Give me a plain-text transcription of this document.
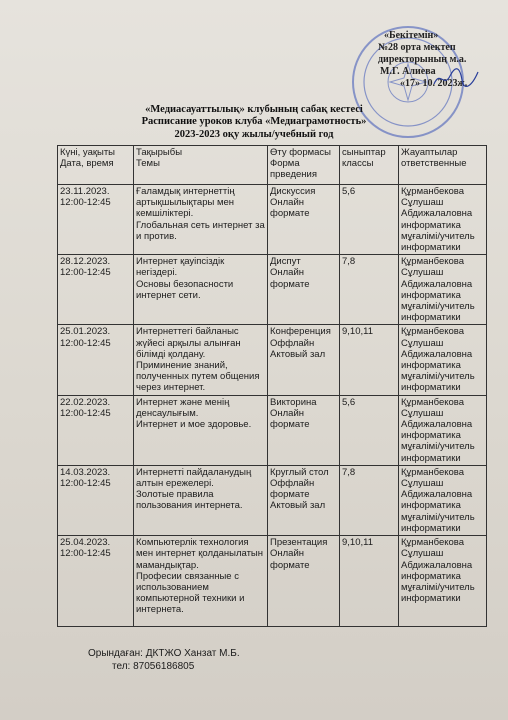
«Бекітемін»
№28 орта мектеп
директорының м.а.
М.Г. Алиева
«17» 10. 2023ж.
«Медиасауаттылық» клубының сабақ кестесі
Расписание уроков клуба «Медиаграмотность»
2023-2023 оқу жылы/учебный год
Күні, уақыты
Дата, время	Тақырыбы
Темы	Өту формасы
Форма
прведения	сыныптар
классы	Жауаптылар
ответственные
23.11.2023.
12:00-12:45	Ғаламдық интернеттің артықшылықтары мен кемшіліктері.
Глобальная сеть интернет за и против.	Дискуссия
Онлайн
формате	5,6	Құрманбекова Сұлушаш Абдижалаловна информатика мұғалімі/учитель информатики
28.12.2023.
12:00-12:45	Интернет қауіпсіздік негіздері.
Основы безопасности интернет сети.	Диспут
Онлайн
формате	7,8	Құрманбекова Сұлушаш Абдижалаловна информатика мұғалімі/учитель информатики
25.01.2023.
12:00-12:45	Интернеттегі байланыс жүйесі арқылы алынған білімді қолдану.
Приминение знаний, полученных путем общения через интернет.	Конференция
Оффлайн
Актовый зал	9,10,11	Құрманбекова Сұлушаш Абдижалаловна информатика мұғалімі/учитель информатики
22.02.2023.
12:00-12:45	Интернет және менің денсаулығым.
Интернет и мое здоровье.	Викторина
Онлайн
формате	5,6	Құрманбекова Сұлушаш Абдижалаловна информатика мұғалімі/учитель информатики
14.03.2023.
12:00-12:45	Интернетті пайдаланудың алтын ережелері.
Золотые правила пользования интернета.	Круглый стол
Оффлайн
формате
Актовый зал	7,8	Құрманбекова Сұлушаш Абдижалаловна информатика мұғалімі/учитель информатики
25.04.2023.
12:00-12:45	Компьютерлік технология мен интернет қолданылатын мамандықтар.
Професии связанные с использованием компьютерной техники и интернета.	Презентация
Онлайн
формате	9,10,11	Құрманбекова Сұлушаш Абдижалаловна информатика мұғалімі/учитель информатики
Орындаған: ДКТЖО Ханзат М.Б.
тел: 87056186805
